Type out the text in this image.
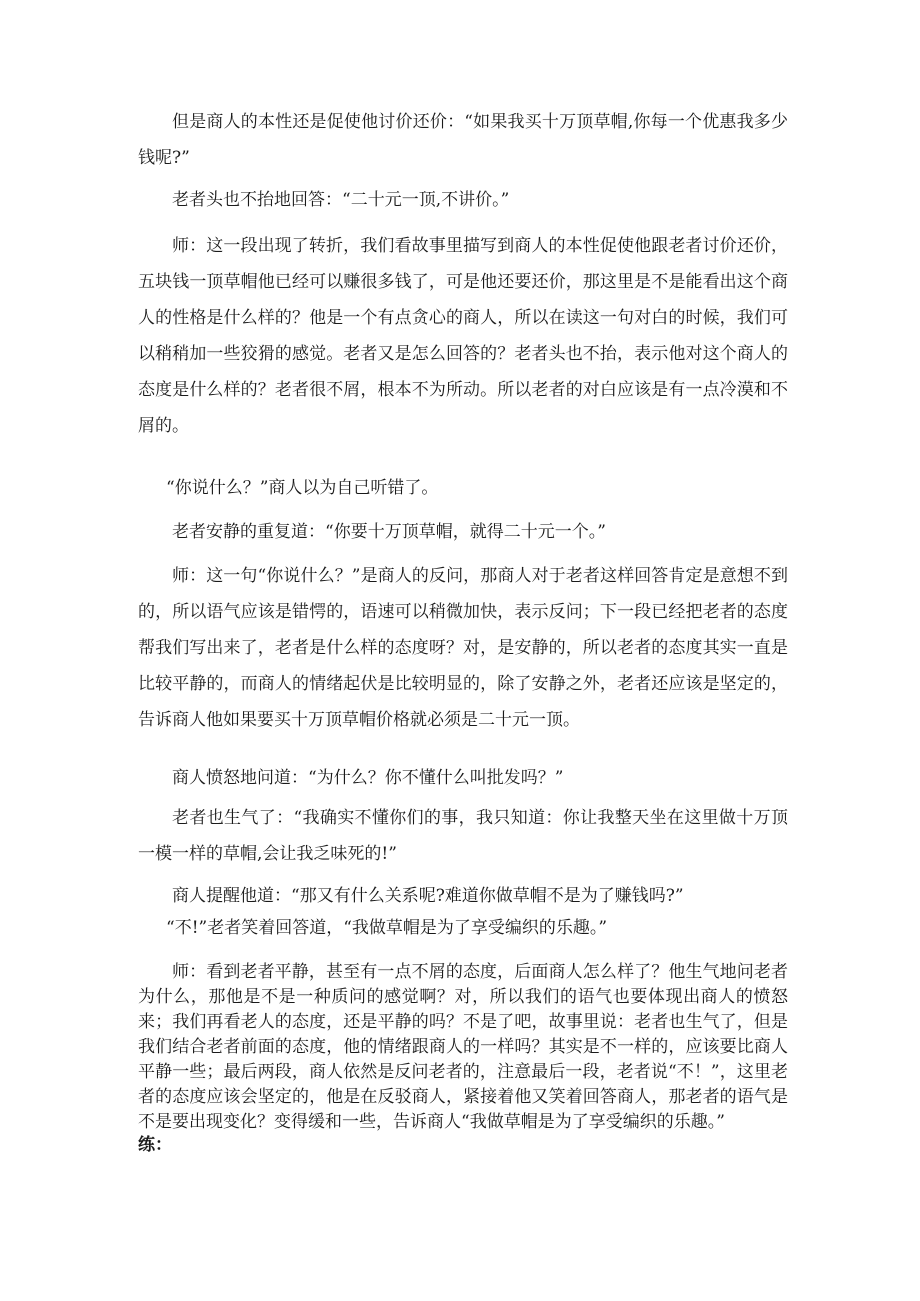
但是商人的本性还是促使他讨价还价：“如果我买十万顶草帽,你每一个优惠我多少钱呢?”

老者头也不抬地回答：“二十元一顶,不讲价。”

师：这一段出现了转折，我们看故事里描写到商人的本性促使他跟老者讨价还价，五块钱一顶草帽他已经可以赚很多钱了，可是他还要还价，那这里是不是能看出这个商人的性格是什么样的？他是一个有点贪心的商人，所以在读这一句对白的时候，我们可以稍稍加一些狡猾的感觉。老者又是怎么回答的？老者头也不抬，表示他对这个商人的态度是什么样的？老者很不屑，根本不为所动。所以老者的对白应该是有一点冷漠和不屑的。

“你说什么？”商人以为自己听错了。

老者安静的重复道：“你要十万顶草帽，就得二十元一个。”

师：这一句“你说什么？”是商人的反问，那商人对于老者这样回答肯定是意想不到的，所以语气应该是错愕的，语速可以稍微加快，表示反问；下一段已经把老者的态度帮我们写出来了，老者是什么样的态度呀？对，是安静的，所以老者的态度其实一直是比较平静的，而商人的情绪起伏是比较明显的，除了安静之外，老者还应该是坚定的，告诉商人他如果要买十万顶草帽价格就必须是二十元一顶。

商人愤怒地问道：“为什么？你不懂什么叫批发吗？”

老者也生气了：“我确实不懂你们的事，我只知道：你让我整天坐在这里做十万顶一模一样的草帽,会让我乏味死的!”

商人提醒他道：“那又有什么关系呢?难道你做草帽不是为了赚钱吗?”

“不!”老者笑着回答道，“我做草帽是为了享受编织的乐趣。”

师：看到老者平静，甚至有一点不屑的态度，后面商人怎么样了？他生气地问老者为什么，那他是不是一种质问的感觉啊？对，所以我们的语气也要体现出商人的愤怒来；我们再看老人的态度，还是平静的吗？不是了吧，故事里说：老者也生气了，但是我们结合老者前面的态度，他的情绪跟商人的一样吗？其实是不一样的，应该要比商人平静一些；最后两段，商人依然是反问老者的，注意最后一段，老者说“不！”，这里老者的态度应该会坚定的，他是在反驳商人，紧接着他又笑着回答商人，那老者的语气是不是要出现变化？变得缓和一些，告诉商人“我做草帽是为了享受编织的乐趣。”

练：
